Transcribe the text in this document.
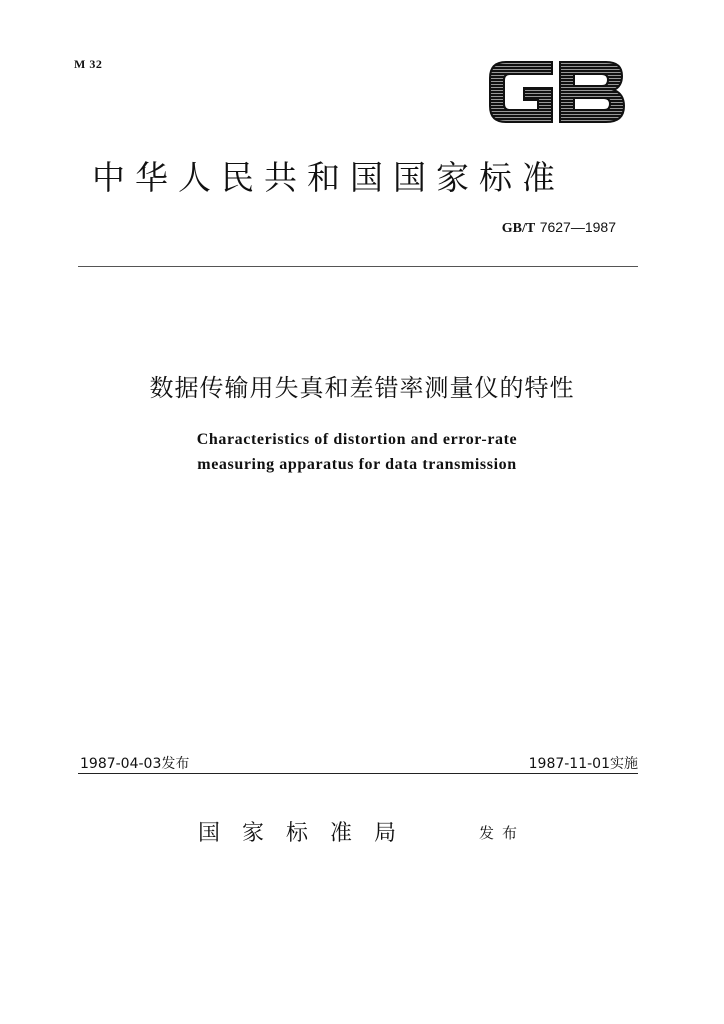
M 32
中华人民共和国国家标准
GB/T 7627—1987
数据传输用失真和差错率测量仪的特性
Characteristics of distortion and error-rate
measuring apparatus for data transmission
1987-04-03发布	1987-11-01实施
国家标准局	发布
